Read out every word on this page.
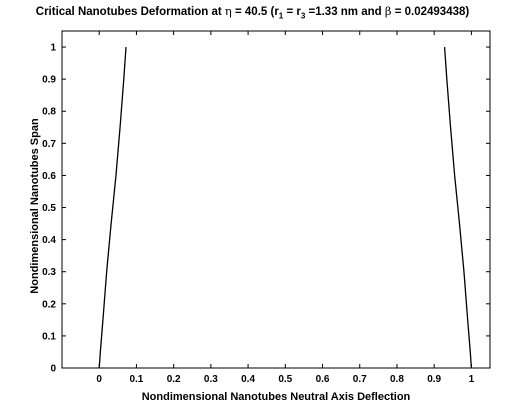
Critical Nanotubes Deformation at η = 40.5 ($r_1 = r_3 =1.33$ nm and β = 0.02493438)
0	0.1 0.2 0.3 0.4 0.5 0.6 0.7 0.8 0.9	1
0
0.1
0.2
0.3
0.4
0.5
0.6
0.7
0.8
0.9
1
Nondimensional Nanotubes Span
Nondimensional Nanotubes Neutral Axis Deflection
